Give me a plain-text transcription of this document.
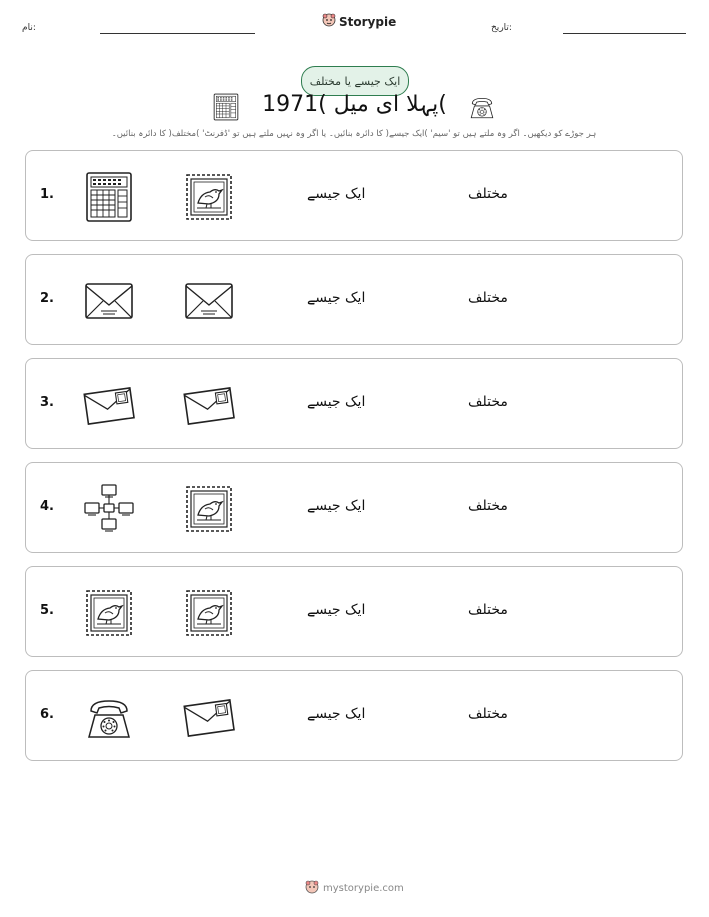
نام:	Storypie	تاریخ:
ایک جیسے یا مختلف
پہلا ای میل )1971(
ہر جوڑے کو دیکھیں۔ اگر وہ ملتے ہیں تو 'سیم' )ایک جیسے( کا دائرہ بنائیں۔ یا اگر وہ نہیں ملتے ہیں تو 'ڈفرنٹ' )مختلف( کا دائرہ بنائیں۔
1.	ایک جیسے	مختلف
2.	ایک جیسے	مختلف
3.	ایک جیسے	مختلف
4.	ایک جیسے	مختلف
5.	ایک جیسے	مختلف
6.	ایک جیسے	مختلف
mystorypie.com
